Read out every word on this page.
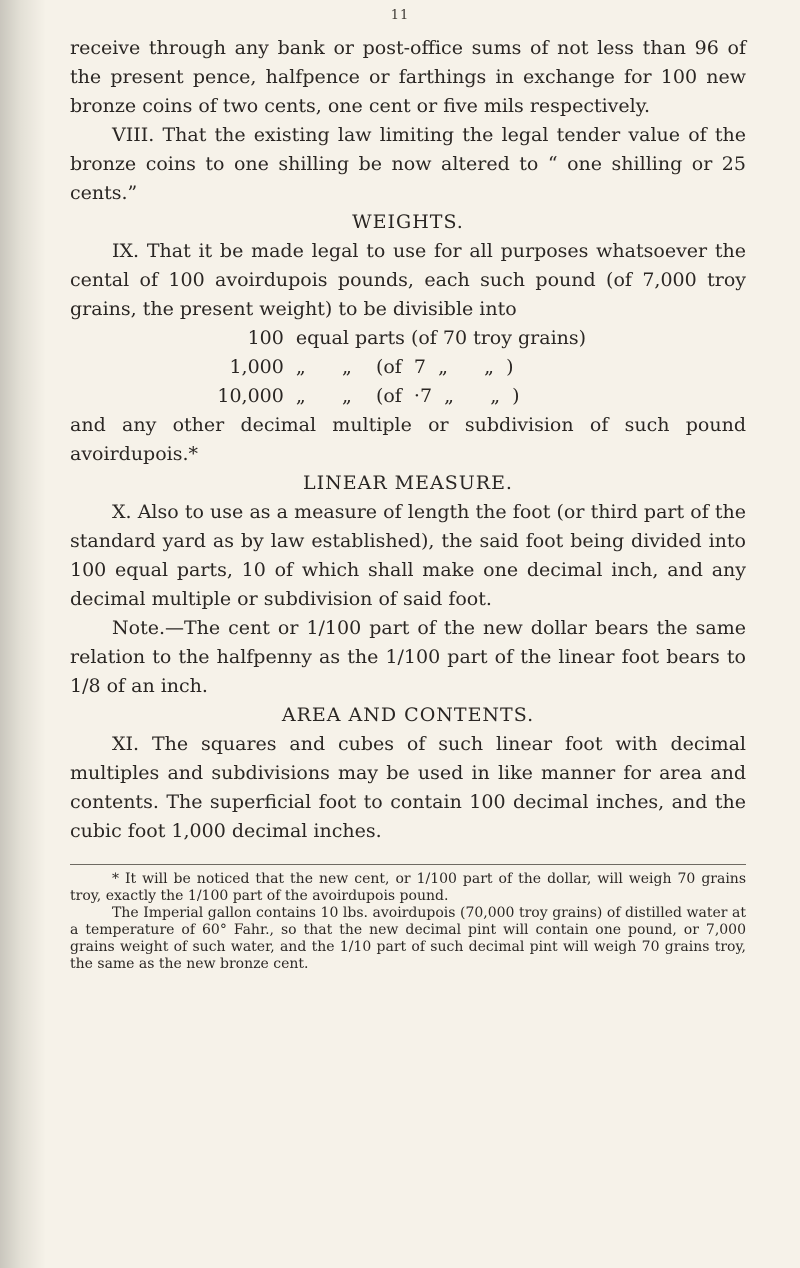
11

receive through any bank or post-office sums of not less than 96 of the present pence, halfpence or farthings in exchange for 100 new bronze coins of two cents, one cent or five mils respectively.

VIII. That the existing law limiting the legal tender value of the bronze coins to one shilling be now altered to “ one shilling or 25 cents.”

WEIGHTS.

IX. That it be made legal to use for all purposes whatsoever the cental of 100 avoirdupois pounds, each such pound (of 7,000 troy grains, the present weight) to be divisible into

100 equal parts (of 70 troy grains)
1,000 „      „    (of  7  „      „  )
10,000 „      „    (of  ·7  „      „  )

and any other decimal multiple or subdivision of such pound avoirdupois.*

LINEAR MEASURE.

X. Also to use as a measure of length the foot (or third part of the standard yard as by law established), the said foot being divided into 100 equal parts, 10 of which shall make one decimal inch, and any decimal multiple or subdivision of said foot.

Note.—The cent or 1/100 part of the new dollar bears the same relation to the halfpenny as the 1/100 part of the linear foot bears to 1/8 of an inch.

AREA AND CONTENTS.

XI. The squares and cubes of such linear foot with decimal multiples and subdivisions may be used in like manner for area and contents. The superficial foot to contain 100 decimal inches, and the cubic foot 1,000 decimal inches.

* It will be noticed that the new cent, or 1/100 part of the dollar, will weigh 70 grains troy, exactly the 1/100 part of the avoirdupois pound.

The Imperial gallon contains 10 lbs. avoirdupois (70,000 troy grains) of distilled water at a temperature of 60° Fahr., so that the new decimal pint will contain one pound, or 7,000 grains weight of such water, and the 1/10 part of such decimal pint will weigh 70 grains troy, the same as the new bronze cent.
